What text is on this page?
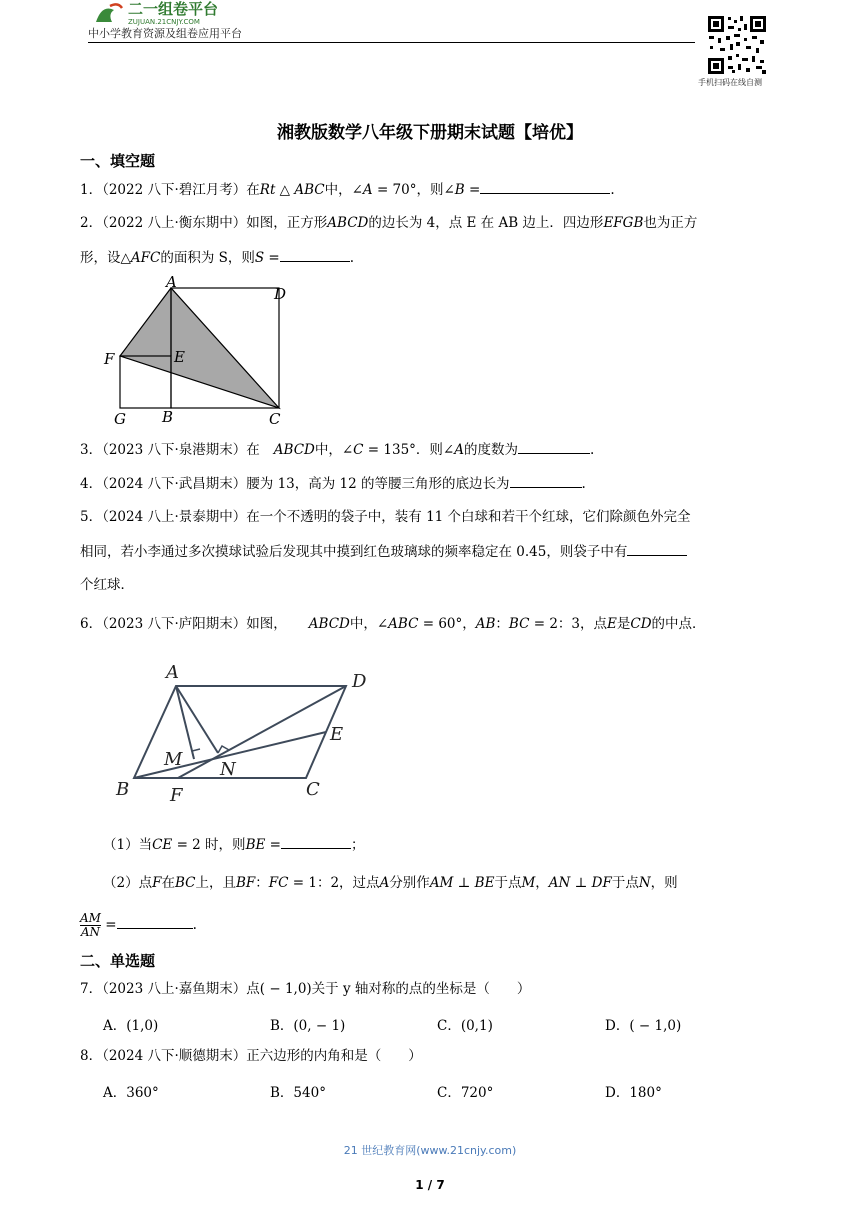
二一组卷平台
ZUJUAN.21CNJY.COM
中小学教育资源及组卷应用平台
手机扫码在线自测
湘教版数学八年级下册期末试题【培优】
一、填空题
1．（2022 八下·碧江月考）在Rt △ ABC中，∠A = 70°，则∠B =	.
2．（2022 八上·衡东期中）如图，正方形ABCD的边长为 4，点 E 在 AB 边上．四边形EFGB也为正方
形，设△AFC的面积为 S，则S =	.
A
D
F	E
G B	C
3．（2023 八下·泉港期末）在 ABCD中，∠C = 135°．则∠A的度数为	.
4．（2024 八下·武昌期末）腰为 13，高为 12 的等腰三角形的底边长为	.
5．（2024 八上·景泰期中）在一个不透明的袋子中，装有 11 个白球和若干个红球，它们除颜色外完全
相同，若小李通过多次摸球试验后发现其中摸到红色玻璃球的频率稳定在 0.45，则袋子中有
个红球．
6．（2023 八下·庐阳期末）如图， ABCD中，∠ABC = 60°，AB：BC = 2：3，点E是CD的中点．
A	D
E
M N
B F	C
（1）当CE = 2 时，则BE =	；
（2）点F在BC上，且BF：FC = 1：2，过点A分别作AM ⊥ BE于点M，AN ⊥ DF于点N，则
$\frac{AM}{AN}$ =	.
二、单选题
7．（2023 八上·嘉鱼期末）点( − 1,0)关于 y 轴对称的点的坐标是（　　）
A．(1,0)	B．(0, − 1)	C．(0,1)	D．( − 1,0)
8．（2024 八下·顺德期末）正六边形的内角和是（　　）
A．360°	B．540°	C．720°	D．180°
21 世纪教育网(www.21cnjy.com)
1 / 7
